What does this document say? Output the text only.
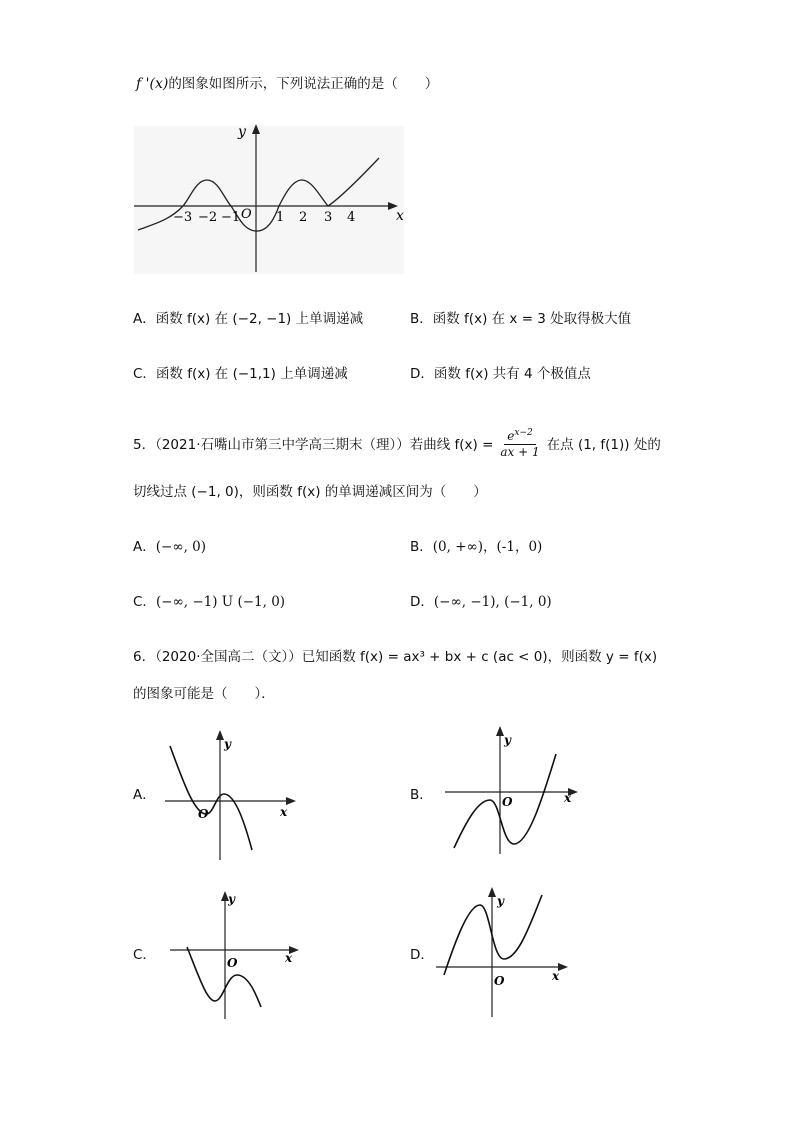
f '(x)的图象如图所示，下列说法正确的是（　　）
y
x
−3 −2 −1 O 1 2 3 4
A．函数 f(x) 在 (−2, −1) 上单调递减	B．函数 f(x) 在 x = 3 处取得极大值
C．函数 f(x) 在 (−1,1) 上单调递减	D．函数 f(x) 共有 4 个极值点
5．（2021·石嘴山市第三中学高三期末（理））若曲线 $f(x) = \frac{e^{x-2}}{ax + 1}$ 在点 (1, f(1)) 处的
切线过点 (−1, 0)，则函数 f(x) 的单调递减区间为（　　）
A．(−∞, 0)	B．(0, +∞)，(-1，0)
C．(−∞, −1) U (−1, 0)	D．(−∞, −1), (−1, 0)
6．（2020·全国高二（文））已知函数 f(x) = ax³ + bx + c (ac < 0)，则函数 y = f(x)
的图象可能是（　　）．
A．
y
x
O
B．
y
x
O
C．
y
x
O	D．
y
x
O
